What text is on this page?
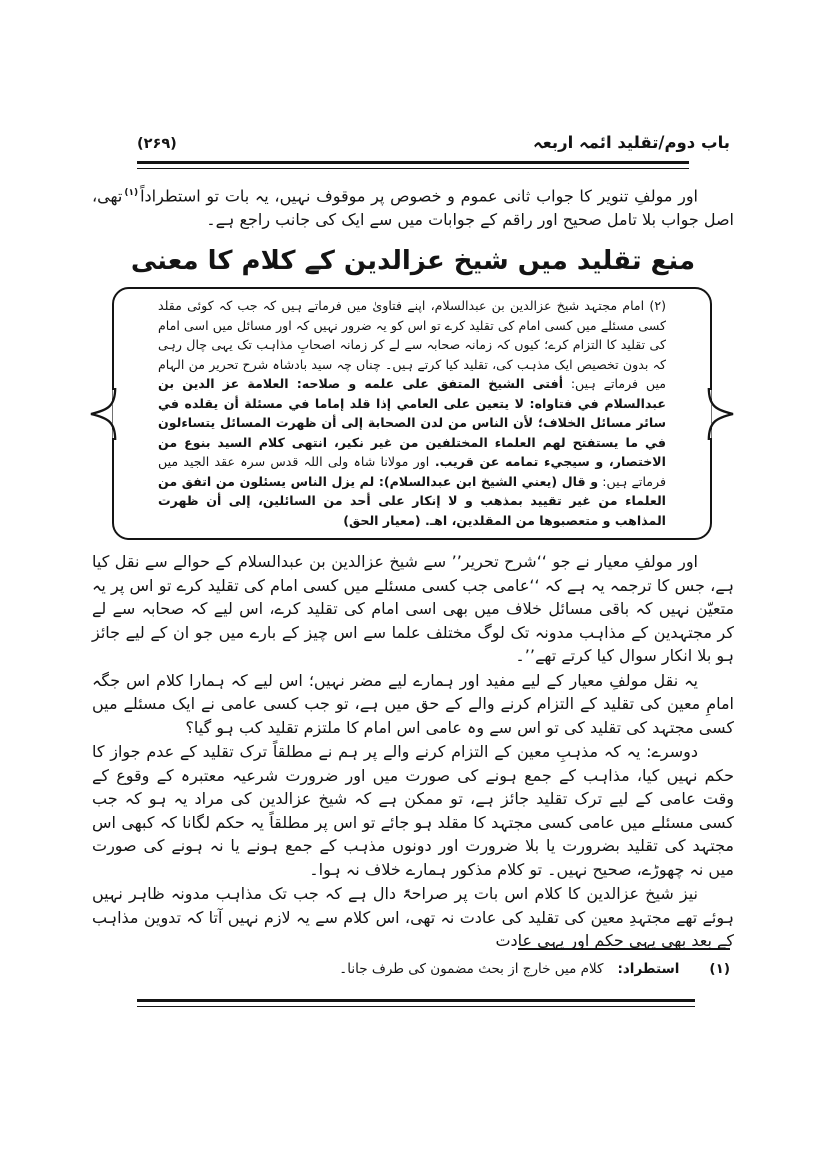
باب دوم/تقلید ائمہ اربعہ
(۲۶۹)

اور مولفِ تنویر کا جواب ثانی عموم و خصوص پر موقوف نہیں، یہ بات تو استطراداً$^{(۱)}$تھی، اصل جواب بلا تامل صحیح اور راقم کے جوابات میں سے ایک کی جانب راجع ہے۔

منع تقلید میں شیخ عزالدین کے کلام کا معنی

(۲) امام مجتہد شیخ عزالدین بن عبدالسلام، اپنے فتاویٰ میں فرماتے ہیں کہ جب کہ کوئی مقلد کسی مسئلے میں کسی امام کی تقلید کرے تو اس کو یہ ضرور نہیں کہ اور مسائل میں اسی امام کی تقلید کا التزام کرے؛ کیوں کہ زمانہ صحابہ سے لے کر زمانہ اصحابِ مذاہب تک یہی چال رہی کہ بدون تخصیص ایک مذہب کی، تقلید کیا کرتے ہیں۔ چناں چہ سید بادشاہ شرح تحریر من الہام میں فرماتے ہیں: أفتى الشيخ المتفق على علمه و صلاحه: العلامة عز الدين بن عبدالسلام في فتاواه: لا يتعين على العامي إذا قلد إماما في مسئلة أن يقلده في سائر مسائل الخلاف؛ لأن الناس من لدن الصحابة إلى أن ظهرت المسائل يتساءلون في ما يستفتح لهم العلماء المختلفين من غير نكير، انتهى كلام السيد بنوع من الاختصار، و سيجيء تمامه عن قريب. اور مولانا شاہ ولی اللہ قدس سرہ عقد الجید میں فرماتے ہیں: و قال (يعني الشيخ ابن عبدالسلام): لم يزل الناس يسئلون من اتفق من العلماء من غير تقييد بمذهب و لا إنكار على أحد من السائلين، إلى أن ظهرت المذاهب و متعصبوها من المقلدين، اهـ. (معیار الحق)

اور مولفِ معیار نے جو ‘‘شرح تحریر’’ سے شیخ عزالدین بن عبدالسلام کے حوالے سے نقل کیا ہے، جس کا ترجمہ یہ ہے کہ ‘‘عامی جب کسی مسئلے میں کسی امام کی تقلید کرے تو اس پر یہ متعیّن نہیں کہ باقی مسائل خلاف میں بھی اسی امام کی تقلید کرے، اس لیے کہ صحابہ سے لے کر مجتہدین کے مذاہب مدونہ تک لوگ مختلف علما سے اس چیز کے بارے میں جو ان کے لیے جائز ہو بلا انکار سوال کیا کرتے تھے’’۔

یہ نقل مولفِ معیار کے لیے مفید اور ہمارے لیے مضر نہیں؛ اس لیے کہ ہمارا کلام اس جگہ امامِ معین کی تقلید کے التزام کرنے والے کے حق میں ہے، تو جب کسی عامی نے ایک مسئلے میں کسی مجتہد کی تقلید کی تو اس سے وہ عامی اس امام کا ملتزم تقلید کب ہو گیا؟

دوسرے: یہ کہ مذہبِ معین کے التزام کرنے والے پر ہم نے مطلقاً ترک تقلید کے عدم جواز کا حکم نہیں کیا، مذاہب کے جمع ہونے کی صورت میں اور ضرورت شرعیہ معتبرہ کے وقوع کے وقت عامی کے لیے ترک تقلید جائز ہے، تو ممکن ہے کہ شیخ عزالدین کی مراد یہ ہو کہ جب کسی مسئلے میں عامی کسی مجتہد کا مقلد ہو جائے تو اس پر مطلقاً یہ حکم لگانا کہ کبھی اس مجتہد کی تقلید بضرورت یا بلا ضرورت اور دونوں مذہب کے جمع ہونے یا نہ ہونے کی صورت میں نہ چھوڑے، صحیح نہیں۔ تو کلام مذکور ہمارے خلاف نہ ہوا۔

نیز شیخ عزالدین کا کلام اس بات پر صراحۃً دال ہے کہ جب تک مذاہب مدونہ ظاہر نہیں ہوئے تھے مجتہدِ معین کی تقلید کی عادت نہ تھی، اس کلام سے یہ لازم نہیں آتا کہ تدوین مذاہب کے بعد بھی یہی حکم اور یہی عادت

(۱)
استطراد:
کلام میں خارج از بحث مضمون کی طرف جانا۔
